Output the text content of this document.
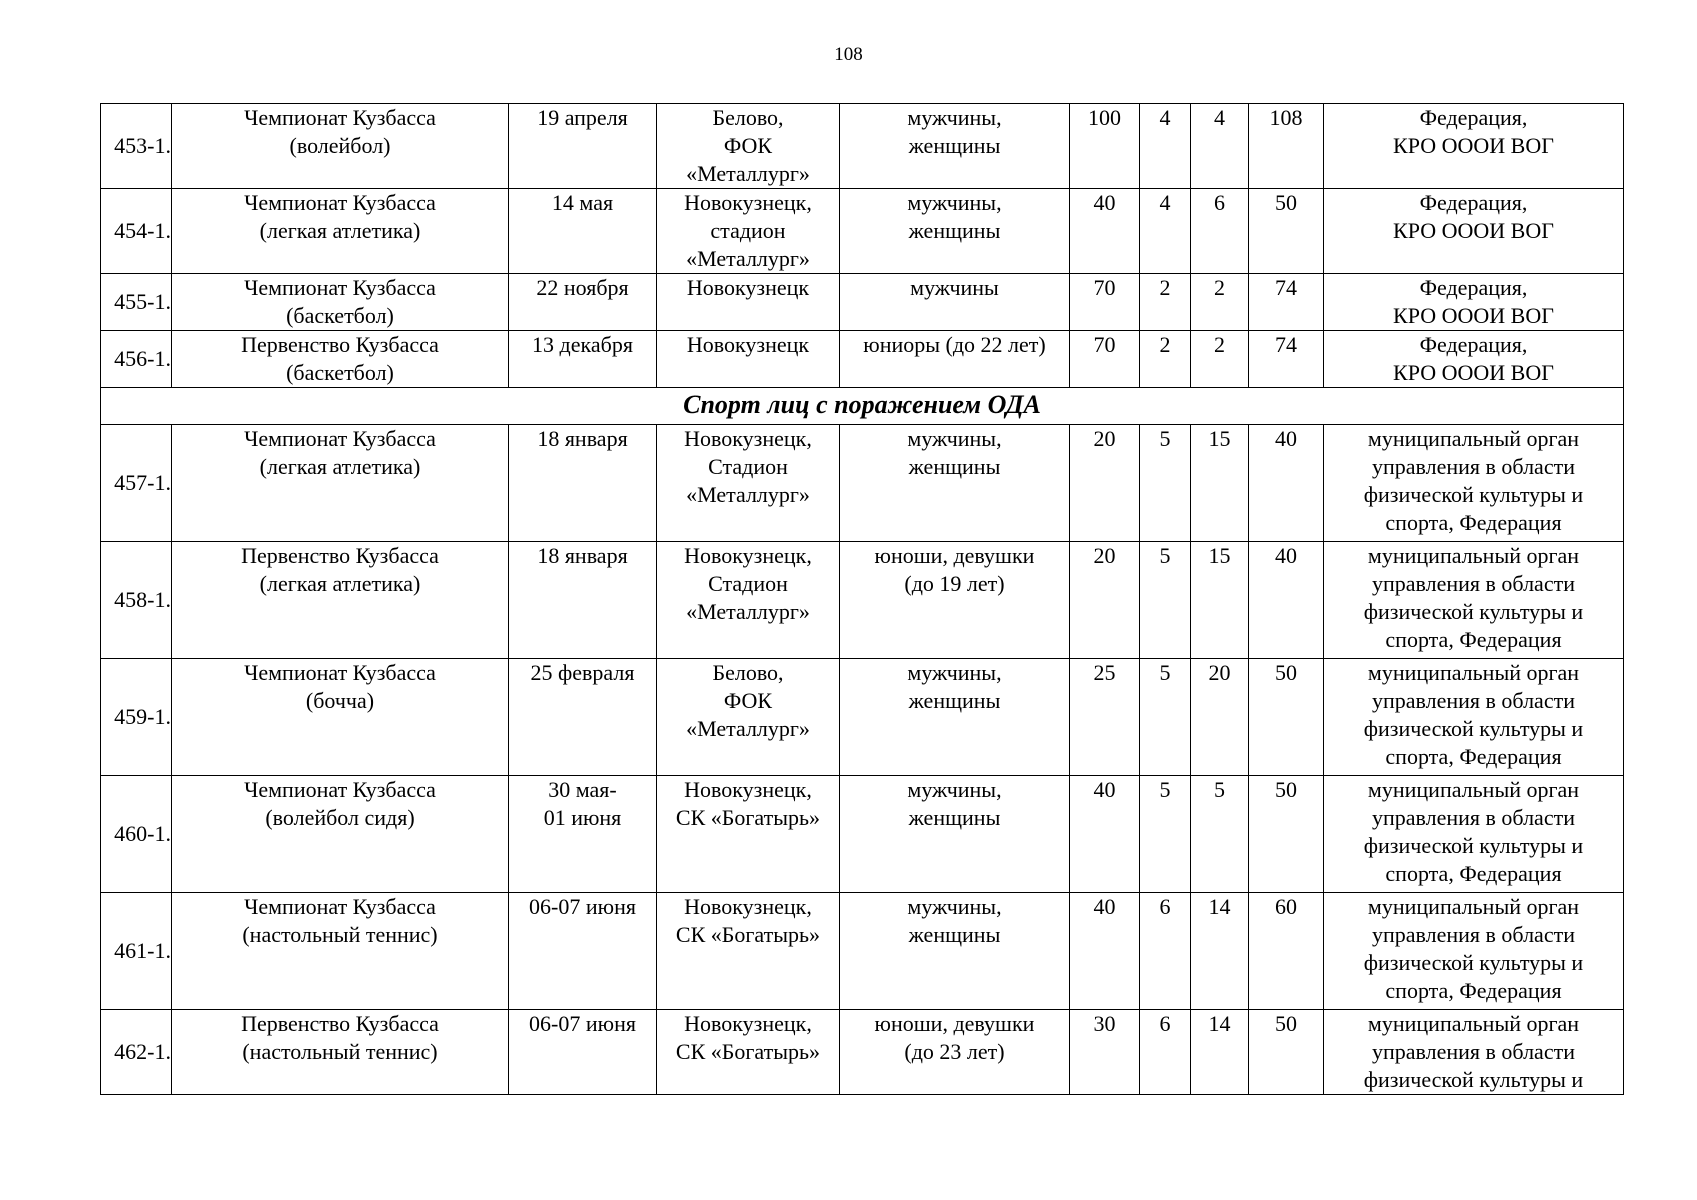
108
453-1.	Чемпионат Кузбасса
(волейбол)	19 апреля	Белово,
ФОК
«Металлург»	мужчины,
женщины	100	4	4	108	Федерация,
КРО ОООИ ВОГ

454-1.	Чемпионат Кузбасса
(легкая атлетика)	14 мая	Новокузнецк,
стадион
«Металлург»	мужчины,
женщины	40	4	6	50	Федерация,
КРО ОООИ ВОГ

455-1.	Чемпионат Кузбасса
(баскетбол)	22 ноября	Новокузнецк	мужчины	70	2	2	74	Федерация,
КРО ОООИ ВОГ

456-1.	Первенство Кузбасса
(баскетбол)	13 декабря	Новокузнецк	юниоры (до 22 лет)	70	2	2	74	Федерация,
КРО ОООИ ВОГ

Спорт лиц с поражением ОДА									
457-1.	Чемпионат Кузбасса
(легкая атлетика)	18 января	Новокузнецк,
Стадион
«Металлург»	мужчины,
женщины	20	5	15	40	муниципальный орган
управления в области
физической культуры и
спорта, Федерация

458-1.	Первенство Кузбасса
(легкая атлетика)	18 января	Новокузнецк,
Стадион
«Металлург»	юноши, девушки
(до 19 лет)	20	5	15	40	муниципальный орган
управления в области
физической культуры и
спорта, Федерация

459-1.	Чемпионат Кузбасса
(бочча)	25 февраля	Белово,
ФОК
«Металлург»	мужчины,
женщины	25	5	20	50	муниципальный орган
управления в области
физической культуры и
спорта, Федерация

460-1.	Чемпионат Кузбасса
(волейбол сидя)	30 мая-
01 июня	Новокузнецк,
СК «Богатырь»	мужчины,
женщины	40	5	5	50	муниципальный орган
управления в области
физической культуры и
спорта, Федерация

461-1.	Чемпионат Кузбасса
(настольный теннис)	06-07 июня	Новокузнецк,
СК «Богатырь»	мужчины,
женщины	40	6	14	60	муниципальный орган
управления в области
физической культуры и
спорта, Федерация

462-1.	Первенство Кузбасса
(настольный теннис)	06-07 июня	Новокузнецк,
СК «Богатырь»	юноши, девушки
(до 23 лет)	30	6	14	50	муниципальный орган
управления в области
физической культуры и
